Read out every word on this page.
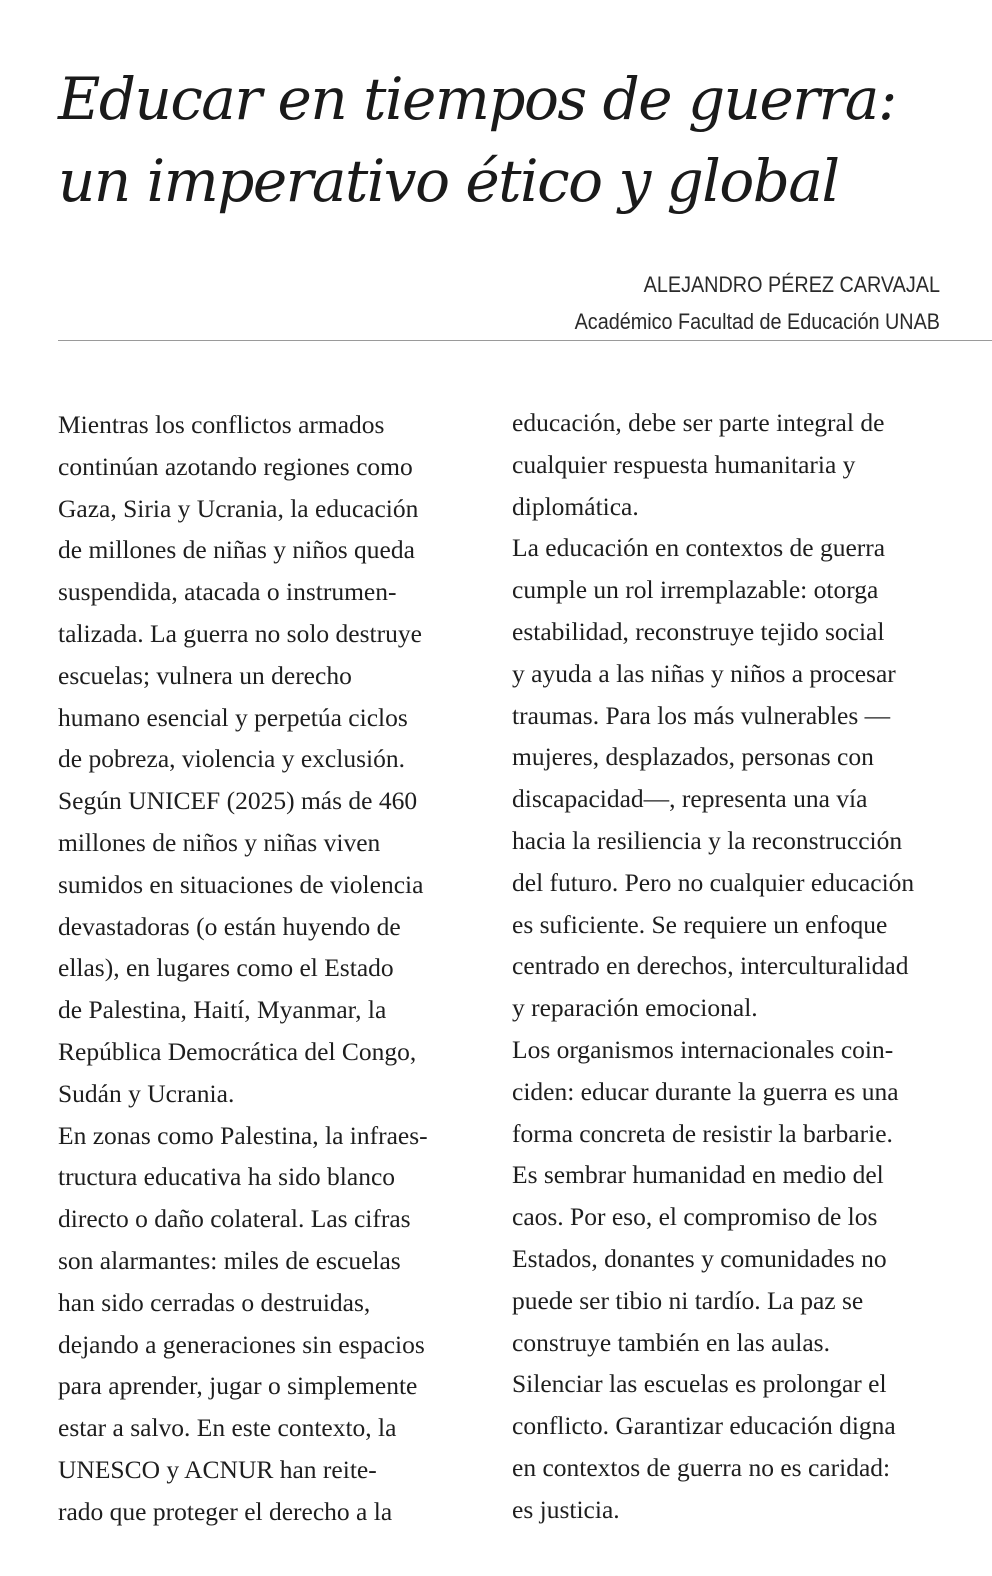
Educar en tiempos de guerra:
un imperativo ético y global
ALEJANDRO PÉREZ CARVAJAL
Académico Facultad de Educación UNAB
Mientras los conflictos armados
continúan azotando regiones como
Gaza, Siria y Ucrania, la educación
de millones de niñas y niños queda
suspendida, atacada o instrumen-
talizada. La guerra no solo destruye
escuelas; vulnera un derecho
humano esencial y perpetúa ciclos
de pobreza, violencia y exclusión.
Según UNICEF (2025) más de 460
millones de niños y niñas viven
sumidos en situaciones de violencia
devastadoras (o están huyendo de
ellas), en lugares como el Estado
de Palestina, Haití, Myanmar, la
República Democrática del Congo,
Sudán y Ucrania.
En zonas como Palestina, la infraes-
tructura educativa ha sido blanco
directo o daño colateral. Las cifras
son alarmantes: miles de escuelas
han sido cerradas o destruidas,
dejando a generaciones sin espacios
para aprender, jugar o simplemente
estar a salvo. En este contexto, la
UNESCO y ACNUR han reite-
rado que proteger el derecho a la
educación, debe ser parte integral de
cualquier respuesta humanitaria y
diplomática.
La educación en contextos de guerra
cumple un rol irremplazable: otorga
estabilidad, reconstruye tejido social
y ayuda a las niñas y niños a procesar
traumas. Para los más vulnerables —
mujeres, desplazados, personas con
discapacidad—, representa una vía
hacia la resiliencia y la reconstrucción
del futuro. Pero no cualquier educación
es suficiente. Se requiere un enfoque
centrado en derechos, interculturalidad
y reparación emocional.
Los organismos internacionales coin-
ciden: educar durante la guerra es una
forma concreta de resistir la barbarie.
Es sembrar humanidad en medio del
caos. Por eso, el compromiso de los
Estados, donantes y comunidades no
puede ser tibio ni tardío. La paz se
construye también en las aulas.
Silenciar las escuelas es prolongar el
conflicto. Garantizar educación digna
en contextos de guerra no es caridad:
es justicia.
